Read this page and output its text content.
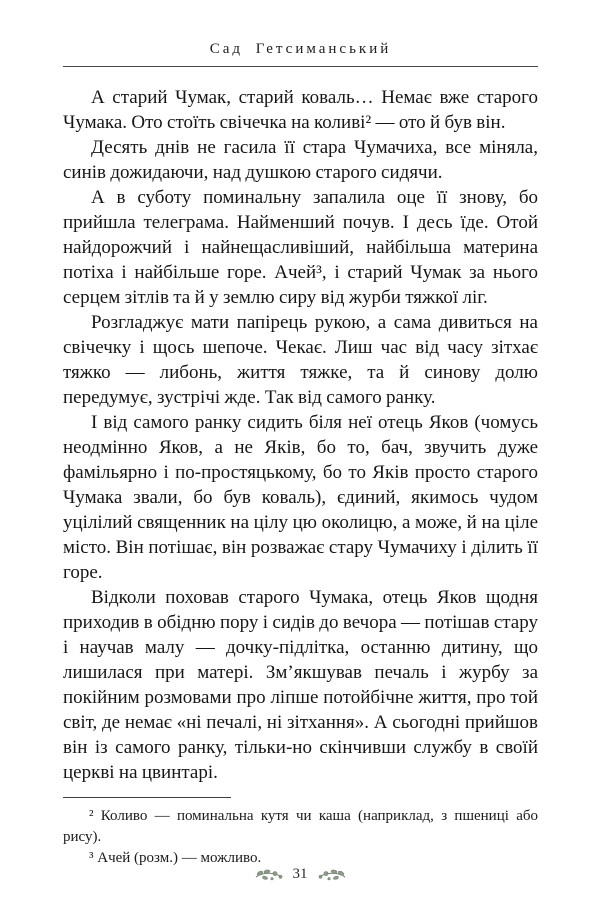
Сад Гетсиманський

А старий Чумак, старий коваль… Немає вже старого Чумака. Ото стоїть свічечка на коливі² — ото й був він.

Десять днів не гасила її стара Чумачиха, все міняла, синів дожидаючи, над душкою старого сидячи.

А в суботу поминальну запалила оце її знову, бо прийшла телеграма. Найменший почув. І десь їде. Отой найдорожчий і найнещасливіший, найбільша материна потіха і найбільше горе. Ачей³, і старий Чумак за нього серцем зітлів та й у землю сиру від журби тяжкої ліг.

Розгладжує мати папірець рукою, а сама дивиться на свічечку і щось шепоче. Чекає. Лиш час від часу зітхає тяжко — либонь, життя тяжке, та й синову долю передумує, зустрічі жде. Так від самого ранку.

І від самого ранку сидить біля неї отець Яков (чомусь неодмінно Яков, а не Яків, бо то, бач, звучить дуже фамільярно і по-простяцькому, бо то Яків просто старого Чумака звали, бо був коваль), єдиний, якимось чудом уцілілий священник на цілу цю околицю, а може, й на ціле місто. Він потішає, він розважає стару Чумачиху і ділить її горе.

Відколи поховав старого Чумака, отець Яков щодня приходив в обідню пору і сидів до вечора — потішав стару і научав малу — дочку-підлітка, останню дитину, що лишилася при матері. Зм’якшував печаль і журбу за покійним розмовами про ліпше потойбічне життя, про той світ, де немає «ні печалі, ні зітхання». А сьогодні прийшов він із самого ранку, тільки-но скінчивши службу в своїй церкві на цвинтарі.

² Коливо — поминальна кутя чи каша (наприклад, з пшениці або рису).

³ Ачей (розм.) — можливо.

31
